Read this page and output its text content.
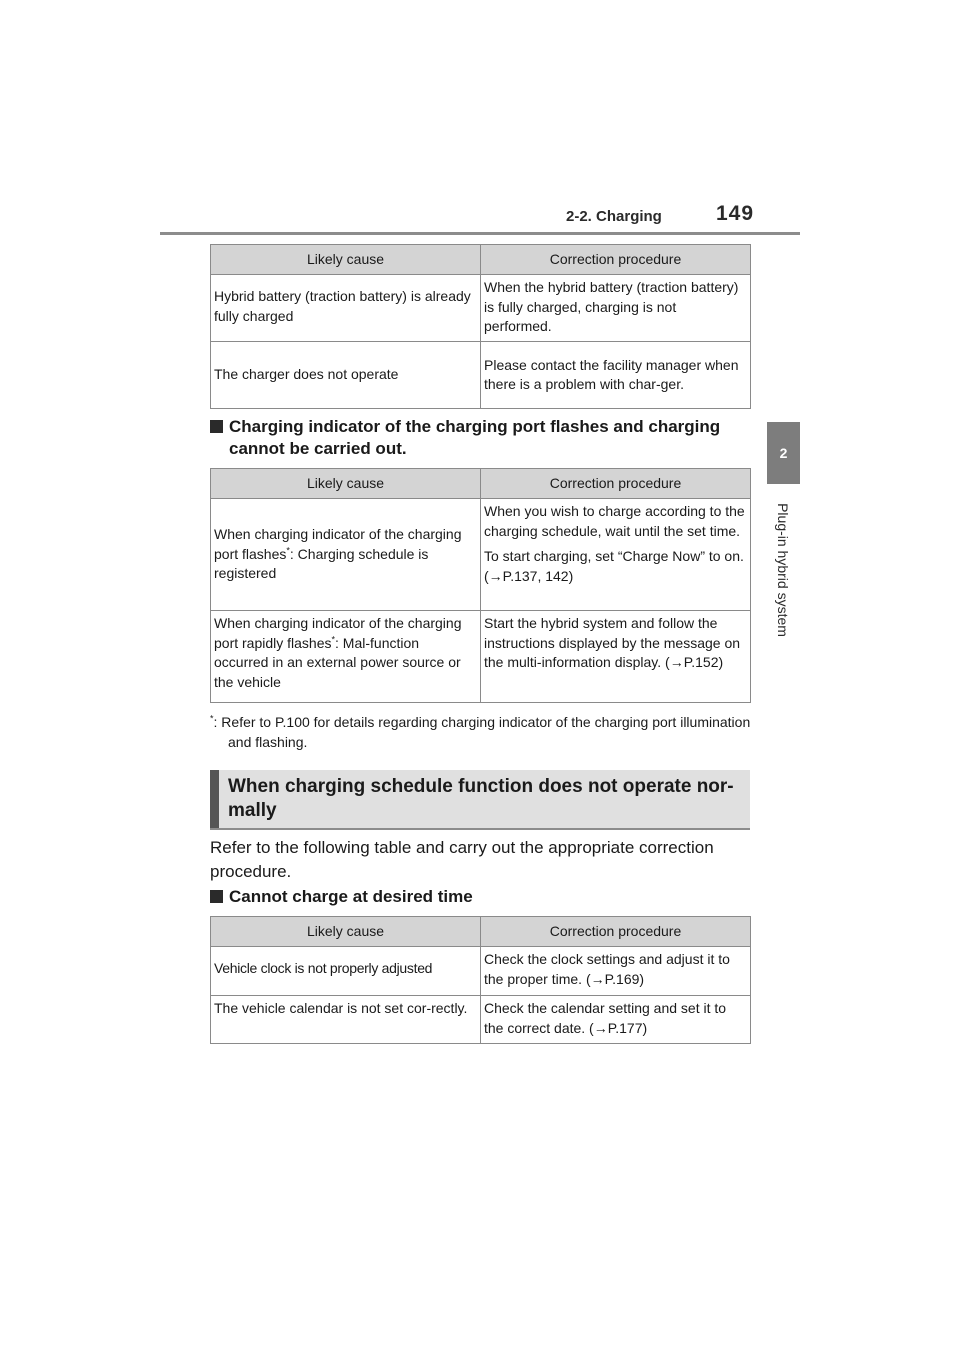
2-2. Charging	149
2
Plug-in hybrid system
Likely cause	Correction procedure
Hybrid battery (traction battery) is already fully charged	When the hybrid battery (traction battery) is fully charged, charging is not performed.
The charger does not operate	Please contact the facility manager when there is a problem with char-ger.
Charging indicator of the charging port flashes and charging cannot be carried out.
Likely cause	Correction procedure
When charging indicator of the charging port flashes*: Charging schedule is registered	When you wish to charge according to the charging schedule, wait until the set time.

To start charging, set “Charge Now” to on. (→P.137, 142)

When charging indicator of the charging port rapidly flashes*: Mal-function occurred in an external power source or the vehicle	Start the hybrid system and follow the instructions displayed by the message on the multi-information display. (→P.152)
*: Refer to P.100 for details regarding charging indicator of the charging port illumination and flashing.
When charging schedule function does not operate nor-mally
Refer to the following table and carry out the appropriate correction procedure.
Cannot charge at desired time
Likely cause	Correction procedure
Vehicle clock is not properly adjusted	Check the clock settings and adjust it to the proper time. (→P.169)
The vehicle calendar is not set cor-rectly.	Check the calendar setting and set it to the correct date. (→P.177)
